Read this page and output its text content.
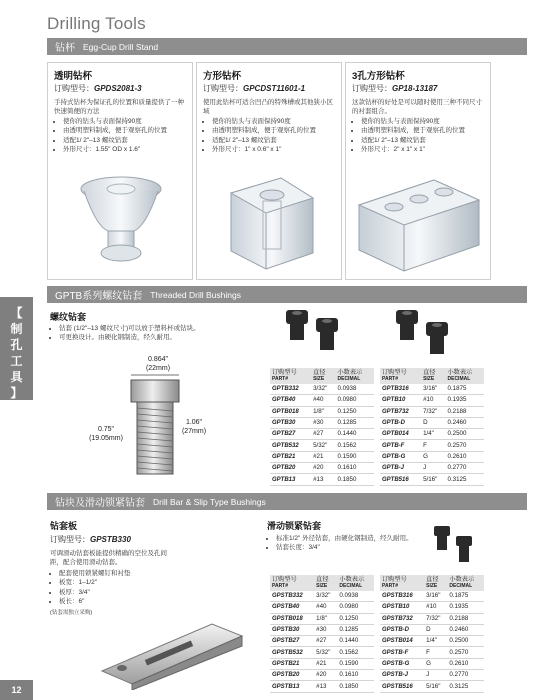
Drilling Tools
【
制
孔
工
具
】
12
钻杯 Egg-Cup Drill Stand
透明钻杯
订购型号：GPDS2081-3
手持式钻杯为保证孔的位置和质量提供了一种快速简便的方法
• 使你的钻头与表面保持90度
• 由透明塑料制成，便于观察孔的位置
• 适配1/ 2"–13 螺纹钻套
• 外形尺寸：1.55" OD x 1.6"
方形钻杯
订购型号：GPCDST11601-1
使用此钻杯可适合凹凸的特殊槽或其他狭小区域
• 使你的钻头与表面保持90度
• 由透明塑料制成，便于观察孔的位置
• 适配1/ 2"–13 螺纹钻套
• 外形尺寸：1" x 0.6" x 1"
3孔方形钻杯
订购型号：GP18-13187
这款钻杯的好处是可以随时使用三种不同尺寸的衬套组合。
• 使你的钻头与表面保持90度
• 由透明塑料制成，便于观察孔的位置
• 适配1/ 2"–13 螺纹钻套
• 外形尺寸：2" x 1" x 1"
GPTB系列螺纹钻套 Threaded Drill Bushings
螺纹钻套
• 钻套 (1/2"–13 螺纹尺寸)可以放于塑料杯或钻块。
• 可更换设计。由硬化钢制造，经久耐用。
0.864"
(22mm)
0.75"
(19.05mm)
1.06"
(27mm)
订购型号
PART#	直径
SIZE	小数表示
DECIMAL

GPTB332	3/32"	0.0938
GPTB40	#40	0.0980
GPTB018	1/8"	0.1250
GPTB30	#30	0.1285
GPTB27	#27	0.1440
GPTB532	5/32"	0.1562
GPTB21	#21	0.1590
GPTB20	#20	0.1610
GPTB13	#13	0.1850
订购型号
PART#	直径
SIZE	小数表示
DECIMAL

GPTB316	3/16"	0.1875
GPTB10	#10	0.1935
GPTB732	7/32"	0.2188
GPTB-D	D	0.2460
GPTB014	1/4"	0.2500
GPTB-F	F	0.2570
GPTB-G	G	0.2610
GPTB-J	J	0.2770
GPTB516	5/16"	0.3125
钻块及滑动锁紧钻套 Drill Bar & Slip Type Bushings
钻套板
订购型号：GPSTB330
可调滑动钻套板能提供精确的空位及孔间距，配合使用滑动钻套。
• 配套使用锁紧螺钉和衬垫
• 板宽：1–1/2"
• 板厚：3/4"
• 板长：6"
(钻套需独立采购)
滑动锁紧钻套
• 标准1/2" 外径钻套，由硬化钢制造，经久耐用。
• 钻套长度：3/4"
订购型号
PART#	直径
SIZE	小数表示
DECIMAL

GPSTB332	3/32"	0.0938
GPSTB40	#40	0.0980
GPSTB018	1/8"	0.1250
GPSTB30	#30	0.1285
GPSTB27	#27	0.1440
GPSTB532	5/32"	0.1562
GPSTB21	#21	0.1590
GPSTB20	#20	0.1610
GPSTB13	#13	0.1850
订购型号
PART#	直径
SIZE	小数表示
DECIMAL

GPSTB316	3/16"	0.1875
GPSTB10	#10	0.1935
GPSTB732	7/32"	0.2188
GPSTB-D	D	0.2460
GPSTB014	1/4"	0.2500
GPSTB-F	F	0.2570
GPSTB-G	G	0.2610
GPSTB-J	J	0.2770
GPSTB516	5/16"	0.3125
